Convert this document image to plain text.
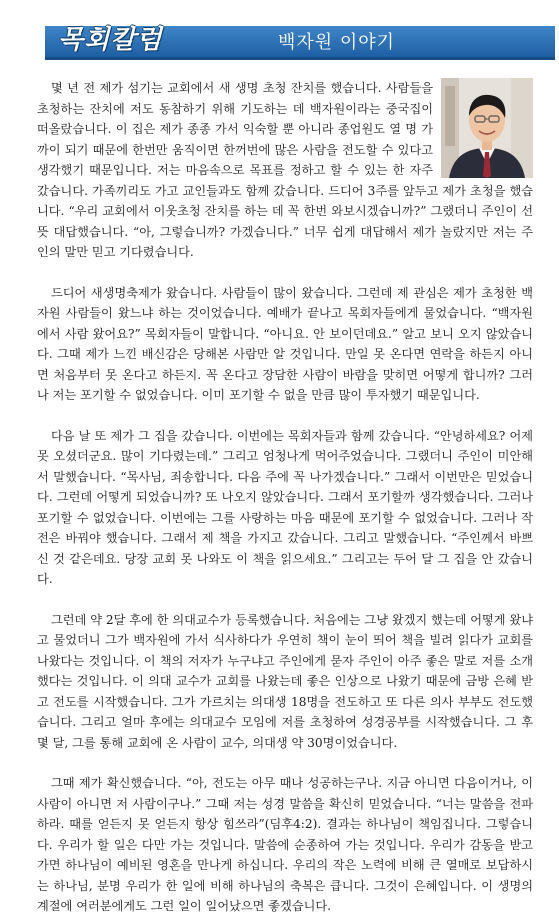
목회칼럼	백자원 이야기

몇 년 전 제가 섬기는 교회에서 새 생명 초청 잔치를 했습니다. 사람들을 초청하는 잔치에 저도 동참하기 위해 기도하는 데 백자원이라는 중국집이 떠올랐습니다. 이 집은 제가 종종 가서 익숙할 뿐 아니라 종업원도 열 명 가까이 되기 때문에 한번만 움직이면 한꺼번에 많은 사람을 전도할 수 있다고 생각했기 때문입니다. 저는 마음속으로 목표를 정하고 할 수 있는 한 자주 갔습니다. 가족끼리도 가고 교인들과도 함께 갔습니다. 드디어 3주를 앞두고 제가 초청을 했습니다. “우리 교회에서 이웃초청 잔치를 하는 데 꼭 한번 와보시겠습니까?” 그랬더니 주인이 선뜻 대답했습니다. “아, 그렇습니까? 가겠습니다.” 너무 쉽게 대답해서 제가 놀랐지만 저는 주인의 말만 믿고 기다렸습니다.

드디어 새생명축제가 왔습니다. 사람들이 많이 왔습니다. 그런데 제 관심은 제가 초청한 백자원 사람들이 왔느냐 하는 것이었습니다. 예배가 끝나고 목회자들에게 물었습니다. “백자원에서 사람 왔어요?” 목회자들이 말합니다. “아니요. 안 보이던데요.” 알고 보니 오지 않았습니다. 그때 제가 느낀 배신감은 당해본 사람만 알 것입니다. 만일 못 온다면 연락을 하든지 아니면 처음부터 못 온다고 하든지. 꼭 온다고 장담한 사람이 바람을 맞히면 어떻게 합니까? 그러나 저는 포기할 수 없었습니다. 이미 포기할 수 없을 만큼 많이 투자했기 때문입니다.

다음 날 또 제가 그 집을 갔습니다. 이번에는 목회자들과 함께 갔습니다. “안녕하세요? 어제 못 오셨더군요. 많이 기다렸는데.” 그리고 엄청나게 먹어주었습니다. 그랬더니 주인이 미안해서 말했습니다. “목사님, 죄송합니다. 다음 주에 꼭 나가겠습니다.” 그래서 이번만은 믿었습니다. 그런데 어떻게 되었습니까? 또 나오지 않았습니다. 그래서 포기할까 생각했습니다. 그러나 포기할 수 없었습니다. 이번에는 그를 사랑하는 마음 때문에 포기할 수 없었습니다. 그러나 작전은 바꿔야 했습니다. 그래서 제 책을 가지고 갔습니다. 그리고 말했습니다. “주인께서 바쁘신 것 같은데요. 당장 교회 못 나와도 이 책을 읽으세요.” 그리고는 두어 달 그 집을 안 갔습니다.

그런데 약 2달 후에 한 의대교수가 등록했습니다. 처음에는 그냥 왔겠지 했는데 어떻게 왔냐고 물었더니 그가 백자원에 가서 식사하다가 우연히 책이 눈이 띄어 책을 빌려 읽다가 교회를 나왔다는 것입니다. 이 책의 저자가 누구냐고 주인에게 묻자 주인이 아주 좋은 말로 저를 소개했다는 것입니다. 이 의대 교수가 교회를 나왔는데 좋은 인상으로 나왔기 때문에 금방 은혜 받고 전도를 시작했습니다. 그가 가르치는 의대생 18명을 전도하고 또 다른 의사 부부도 전도했습니다. 그리고 얼마 후에는 의대교수 모임에 저를 초청하여 성경공부를 시작했습니다. 그 후 몇 달, 그를 통해 교회에 온 사람이 교수, 의대생 약 30명이었습니다.

그때 제가 확신했습니다. “아, 전도는 아무 때나 성공하는구나. 지금 아니면 다음이거나, 이 사람이 아니면 저 사람이구나.” 그때 저는 성경 말씀을 확신히 믿었습니다. “너는 말씀을 전파하라. 때를 얻든지 못 얻든지 항상 힘쓰라”(딤후4:2). 결과는 하나님이 책임집니다. 그렇습니다. 우리가 할 일은 다만 가는 것입니다. 말씀에 순종하여 가는 것입니다. 우리가 감동을 받고 가면 하나님이 예비된 영혼을 만나게 하십니다. 우리의 작은 노력에 비해 큰 열매로 보답하시는 하나님, 분명 우리가 한 일에 비해 하나님의 축복은 큽니다. 그것이 은혜입니다. 이 생명의 계절에 여러분에게도 그런 일이 일어났으면 좋겠습니다.
